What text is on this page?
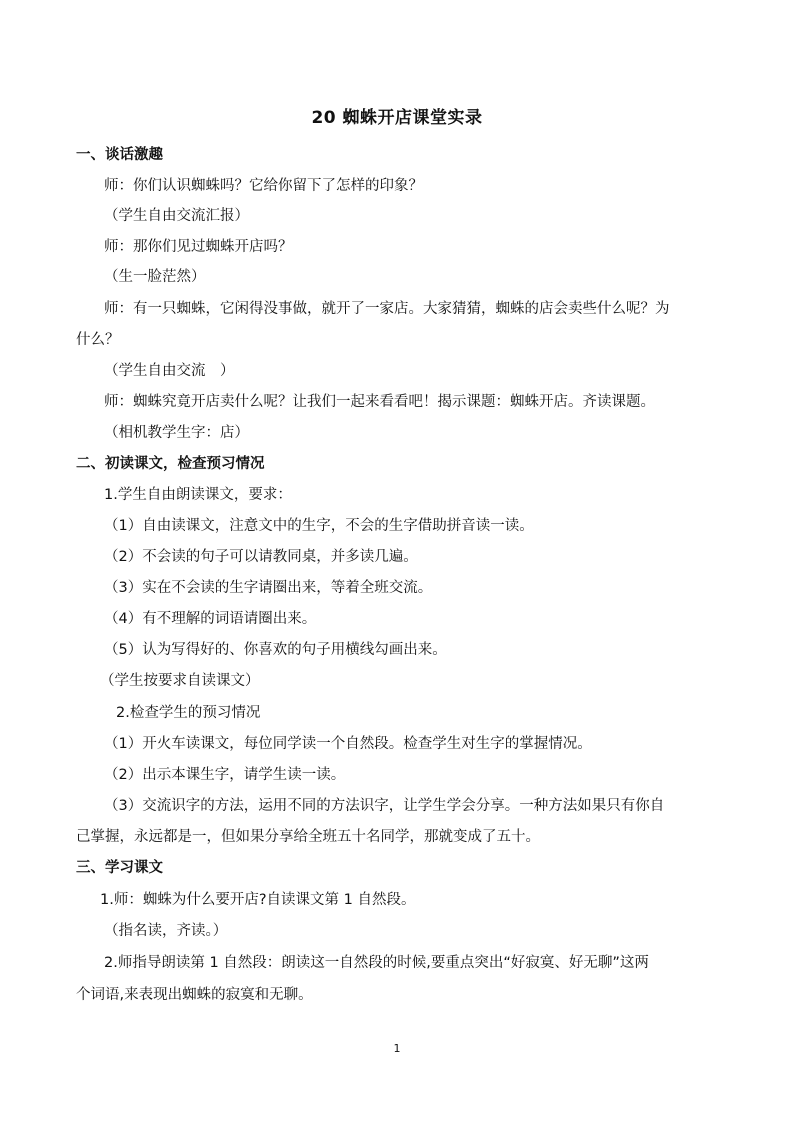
20 蜘蛛开店课堂实录
一、谈话激趣
师：你们认识蜘蛛吗？它给你留下了怎样的印象？
（学生自由交流汇报）
师：那你们见过蜘蛛开店吗？
（生一脸茫然）
师：有一只蜘蛛，它闲得没事做，就开了一家店。大家猜猜，蜘蛛的店会卖些什么呢？为
什么？
（学生自由交流　）
师：蜘蛛究竟开店卖什么呢？让我们一起来看看吧！揭示课题：蜘蛛开店。齐读课题。
（相机教学生字：店）
二、初读课文，检查预习情况
1.学生自由朗读课文，要求：
（1）自由读课文，注意文中的生字，不会的生字借助拼音读一读。
（2）不会读的句子可以请教同桌，并多读几遍。
（3）实在不会读的生字请圈出来，等着全班交流。
（4）有不理解的词语请圈出来。
（5）认为写得好的、你喜欢的句子用横线勾画出来。
（学生按要求自读课文）
2.检查学生的预习情况
（1）开火车读课文，每位同学读一个自然段。检查学生对生字的掌握情况。
（2）出示本课生字，请学生读一读。
（3）交流识字的方法，运用不同的方法识字，让学生学会分享。一种方法如果只有你自
己掌握，永远都是一，但如果分享给全班五十名同学，那就变成了五十。
三、学习课文
1.师：蜘蛛为什么要开店?自读课文第 1 自然段。
（指名读，齐读。）
2.师指导朗读第 1 自然段：朗读这一自然段的时候,要重点突出“好寂寞、好无聊”这两
个词语,来表现出蜘蛛的寂寞和无聊。
1
